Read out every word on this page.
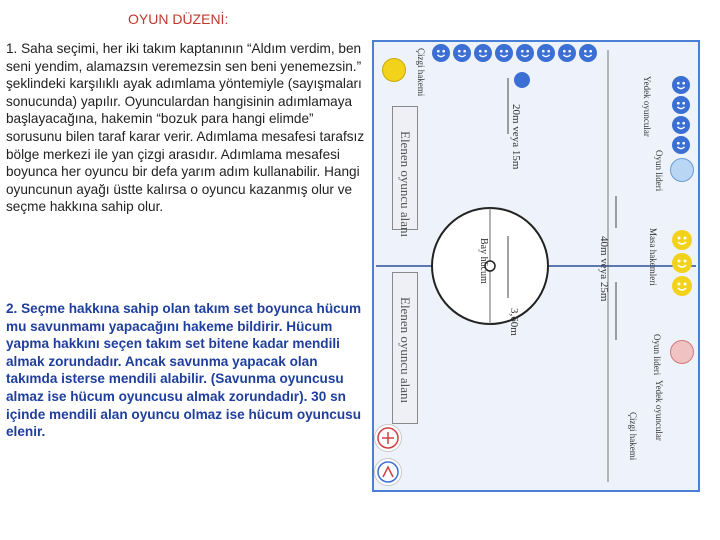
OYUN DÜZENİ:
1. Saha seçimi, her iki takım kaptanının “Aldım verdim, ben seni yendim, alamazsın veremezsin sen beni yenemezsin.” şeklindeki karşılıklı ayak adımlama yöntemiyle (sayışmaları sonucunda) yapılır. Oyunculardan hangisinin adımlamaya başlayacağına, hakemin “bozuk para hangi elimde” sorusunu bilen taraf karar verir. Adımlama mesafesi tarafsız bölge merkezi ile yan çizgi arasıdır. Adımlama mesafesi boyunca her oyuncu bir defa yarım adım kullanabilir. Hangi oyuncunun ayağı üstte kalırsa o oyuncu kazanmış olur ve seçme hakkına sahip olur.
2. Seçme hakkına sahip olan takım set boyunca hücum mu savunmamı yapacağını hakeme bildirir. Hücum yapma hakkını seçen takım set bitene kadar mendili almak zorundadır. Ancak savunma yapacak olan takımda isterse mendili alabilir. (Savunma oyuncusu almaz ise hücum oyuncusu almak zorundadır). 30 sn içinde mendili alan oyuncu olmaz ise hücum oyuncusu elenir.
Çizgi hakemi
Elenen oyuncu alanı	20m veya 15m
40m veya 25m
Bay hücum
3,60m
Elenen oyuncu alanı
Yedek oyuncular
Oyun lideri
Masa hakemleri
Oyun lideri
Yedek oyuncular
Çizgi hakemi
